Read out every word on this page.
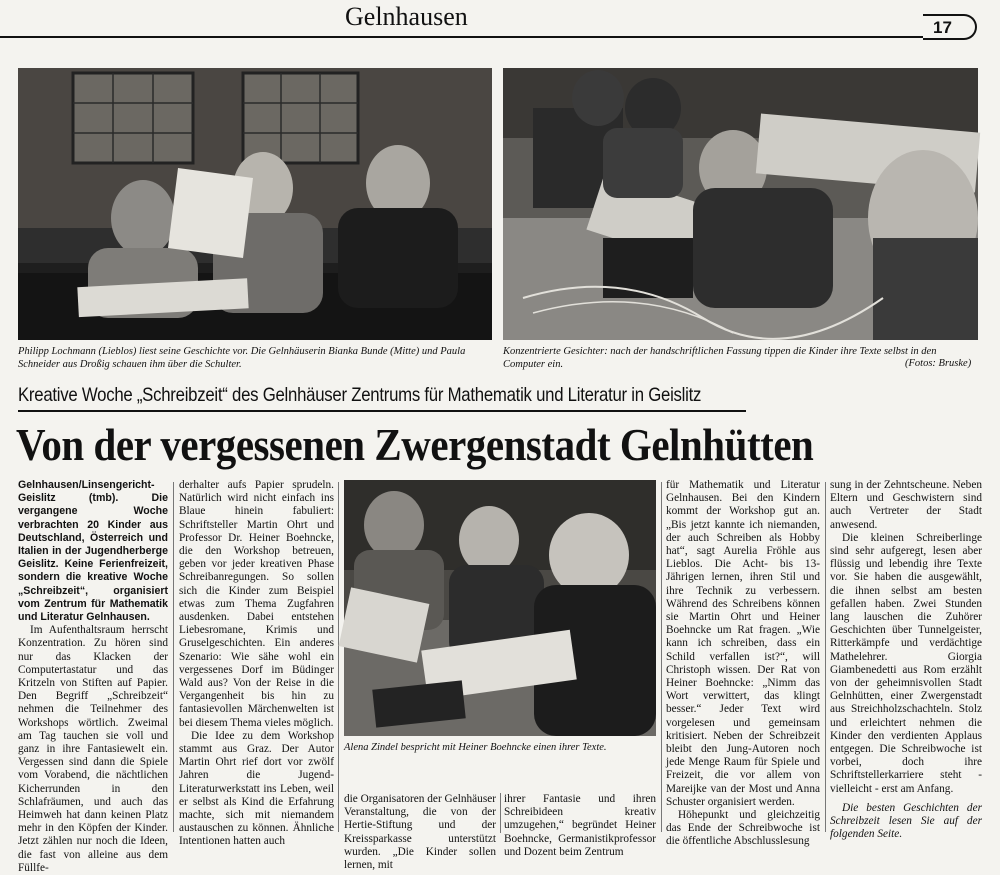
Gelnhausen	17
Philipp Lochmann (Lieblos) liest seine Geschichte vor. Die Gelnhäuserin Bianka Bunde (Mitte) und Paula Schneider aus Droßig schauen ihm über die Schulter.
Konzentrierte Gesichter: nach der handschriftlichen Fassung tippen die Kinder ihre Texte selbst in den Computer ein.	(Fotos: Bruske)
Kreative Woche „Schreibzeit“ des Gelnhäuser Zentrums für Mathematik und Literatur in Geislitz
Von der vergessenen Zwergenstadt Gelnhütten

Gelnhausen/Linsengericht-Geislitz (tmb). Die vergangene Woche verbrachten 20 Kinder aus Deutschland, Österreich und Italien in der Jugendherberge Geislitz. Keine Ferienfreizeit, sondern die kreative Woche „Schreibzeit“, organisiert vom Zentrum für Mathematik und Literatur Gelnhausen.

Im Aufenthaltsraum herrscht Konzentration. Zu hören sind nur das Klacken der Computertastatur und das Kritzeln von Stiften auf Papier. Den Begriff „Schreibzeit“ nehmen die Teilnehmer des Workshops wörtlich. Zweimal am Tag tauchen sie voll und ganz in ihre Fantasiewelt ein. Vergessen sind dann die Spiele vom Vorabend, die nächtlichen Kicherrunden in den Schlafräumen, und auch das Heimweh hat dann keinen Platz mehr in den Köpfen der Kinder. Jetzt zählen nur noch die Ideen, die fast von alleine aus dem Füllfe-

derhalter aufs Papier sprudeln. Natürlich wird nicht einfach ins Blaue hinein fabuliert: Schriftsteller Martin Ohrt und Professor Dr. Heiner Boehncke, die den Workshop betreuen, geben vor jeder kreativen Phase Schreibanregungen. So sollen sich die Kinder zum Beispiel etwas zum Thema Zugfahren ausdenken. Dabei entstehen Liebesromane, Krimis und Gruselgeschichten. Ein anderes Szenario: Wie sähe wohl ein vergessenes Dorf im Büdinger Wald aus? Von der Reise in die Vergangenheit bis hin zu fantasievollen Märchenwelten ist bei diesem Thema vieles möglich.

Die Idee zu dem Workshop stammt aus Graz. Der Autor Martin Ohrt rief dort vor zwölf Jahren die Jugend-Literaturwerkstatt ins Leben, weil er selbst als Kind die Erfahrung machte, sich mit niemandem austauschen zu können. Ähnliche Intentionen hatten auch

Alena Zindel bespricht mit Heiner Boehncke einen ihrer Texte.

die Organisatoren der Gelnhäuser Veranstaltung, die von der Hertie-Stiftung und der Kreissparkasse unterstützt wurden. „Die Kinder sollen lernen, mit

ihrer Fantasie und ihren Schreibideen kreativ umzugehen,“ begründet Heiner Boehncke, Germanistikprofessor und Dozent beim Zentrum

für Mathematik und Literatur Gelnhausen. Bei den Kindern kommt der Workshop gut an. „Bis jetzt kannte ich niemanden, der auch Schreiben als Hobby hat“, sagt Aurelia Fröhle aus Lieblos. Die Acht- bis 13-Jährigen lernen, ihren Stil und ihre Technik zu verbessern. Während des Schreibens können sie Martin Ohrt und Heiner Boehncke um Rat fragen. „Wie kann ich schreiben, dass ein Schild verfallen ist?“, will Christoph wissen. Der Rat von Heiner Boehncke: „Nimm das Wort verwittert, das klingt besser.“ Jeder Text wird vorgelesen und gemeinsam kritisiert. Neben der Schreibzeit bleibt den Jung-Autoren noch jede Menge Raum für Spiele und Freizeit, die vor allem von Mareijke van der Most und Anna Schuster organisiert werden.

Höhepunkt und gleichzeitig das Ende der Schreibwoche ist die öffentliche Abschlusslesung

sung in der Zehntscheune. Neben Eltern und Geschwistern sind auch Vertreter der Stadt anwesend.

Die kleinen Schreiberlinge sind sehr aufgeregt, lesen aber flüssig und lebendig ihre Texte vor. Sie haben die ausgewählt, die ihnen selbst am besten gefallen haben. Zwei Stunden lang lauschen die Zuhörer Geschichten über Tunnelgeister, Ritterkämpfe und verdächtige Mathelehrer. Giorgia Giambenedetti aus Rom erzählt von der geheimnisvollen Stadt Gelnhütten, einer Zwergenstadt aus Streichholzschachteln. Stolz und erleichtert nehmen die Kinder den verdienten Applaus entgegen. Die Schreibwoche ist vorbei, doch ihre Schriftstellerkarriere steht - vielleicht - erst am Anfang.

Die besten Geschichten der Schreibzeit lesen Sie auf der folgenden Seite.
